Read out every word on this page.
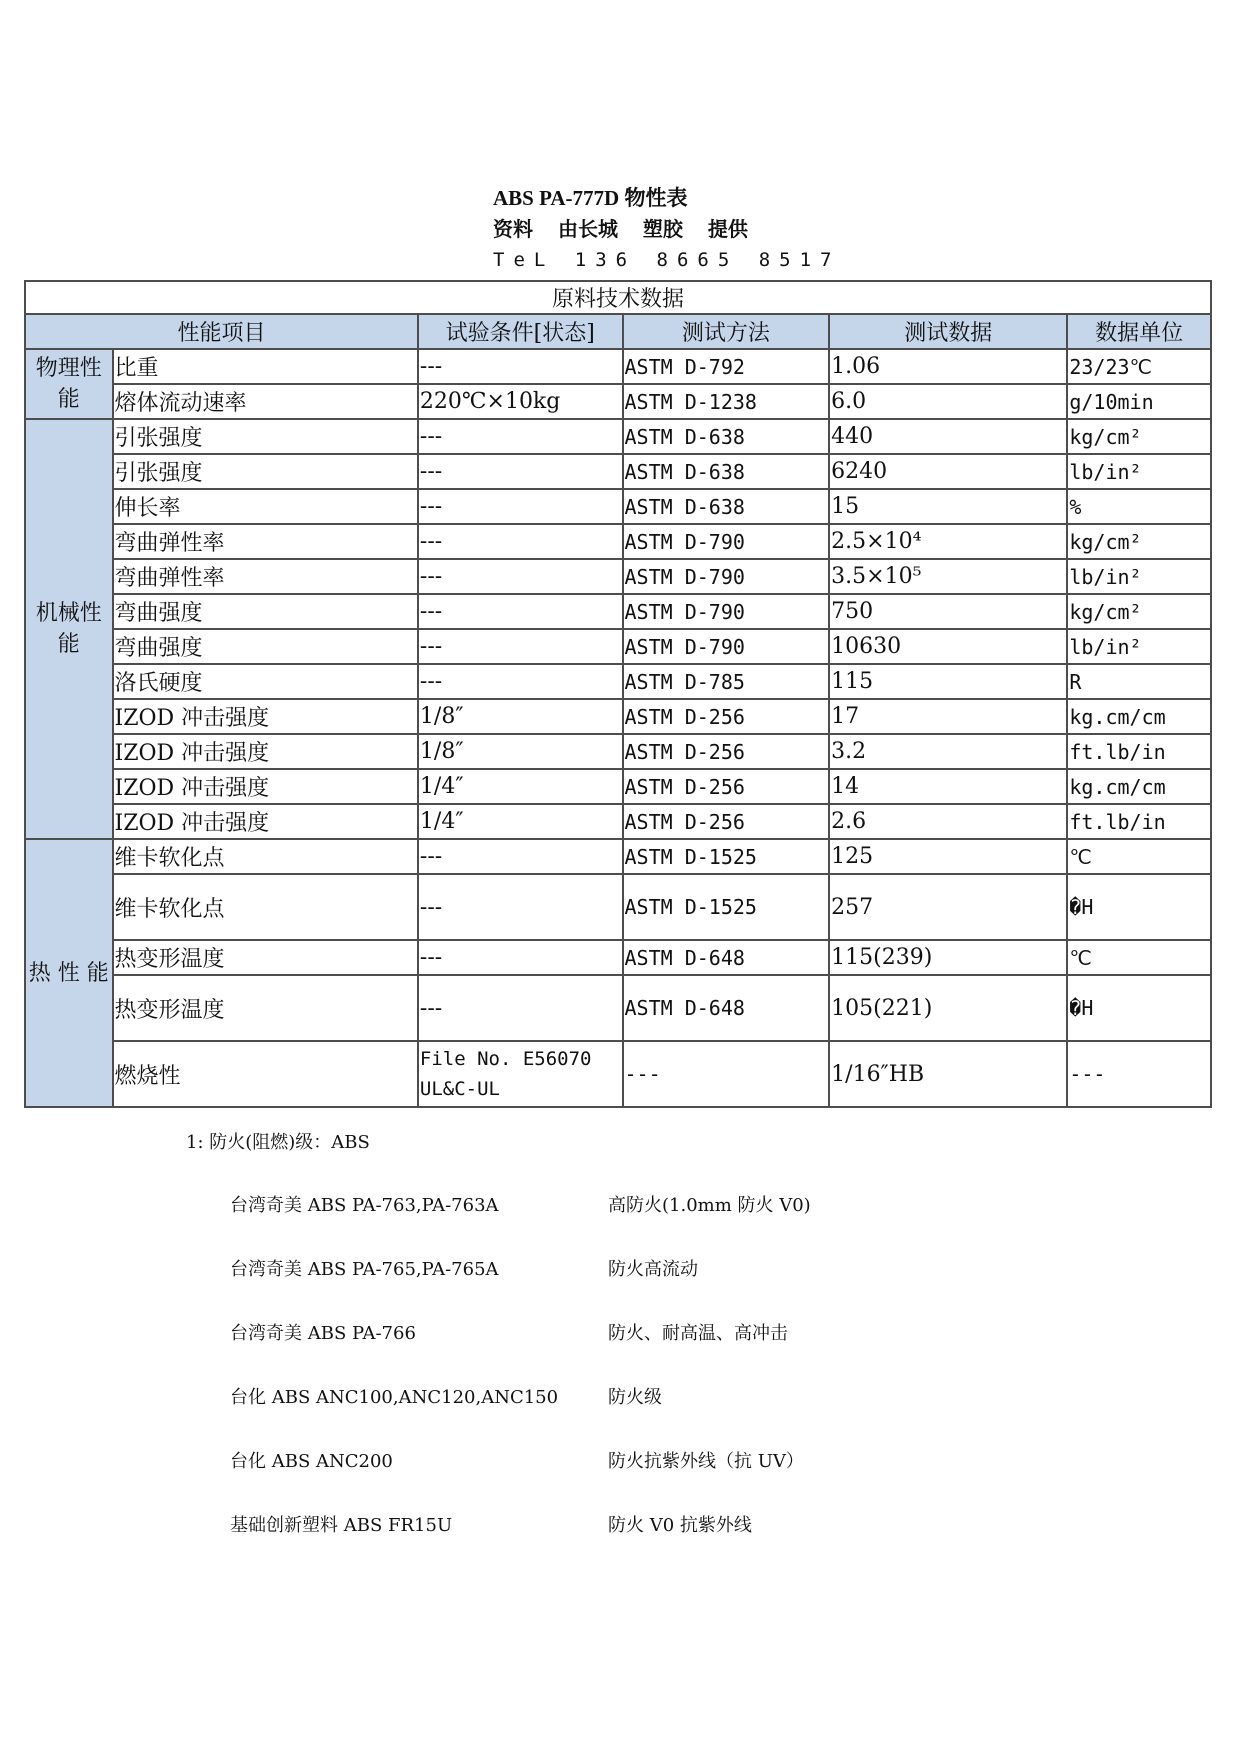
ABS PA-777D 物性表
资料 由长城 塑胶 提供
TeL 136 8665 8517
原料技术数据					
性能项目		试验条件[状态]	测试方法	测试数据	数据单位
物理性能	比重	---	ASTM D-792	1.06	23/23℃
	熔体流动速率	220℃×10kg	ASTM D-1238	6.0	g/10min
机械性能	引张强度	---	ASTM D-638	440	kg/cm²
	引张强度	---	ASTM D-638	6240	lb/in²
	伸长率	---	ASTM D-638	15	%
	弯曲弹性率	---	ASTM D-790	2.5×10⁴	kg/cm²
	弯曲弹性率	---	ASTM D-790	3.5×10⁵	lb/in²
	弯曲强度	---	ASTM D-790	750	kg/cm²
	弯曲强度	---	ASTM D-790	10630	lb/in²
	洛氏硬度	---	ASTM D-785	115	R
	IZOD 冲击强度	1/8″	ASTM D-256	17	kg.cm/cm
	IZOD 冲击强度	1/8″	ASTM D-256	3.2	ft.lb/in
	IZOD 冲击强度	1/4″	ASTM D-256	14	kg.cm/cm
	IZOD 冲击强度	1/4″	ASTM D-256	2.6	ft.lb/in
热 性 能	维卡软化点	---	ASTM D-1525	125	℃
	维卡软化点	---	ASTM D-1525	257	�H
	热变形温度	---	ASTM D-648	115(239)	℃
	热变形温度	---	ASTM D-648	105(221)	�H
	燃烧性	File No. E56070 UL&C-UL	---	1/16″HB	---
1: 防火(阻燃)级：ABS
台湾奇美 ABS PA-763,PA-763A	高防火(1.0mm 防火 V0)
台湾奇美 ABS PA-765,PA-765A	防火高流动
台湾奇美 ABS PA-766	防火、耐高温、高冲击
台化 ABS ANC100,ANC120,ANC150	防火级
台化 ABS ANC200	防火抗紫外线（抗 UV）
基础创新塑料 ABS FR15U	防火 V0 抗紫外线
